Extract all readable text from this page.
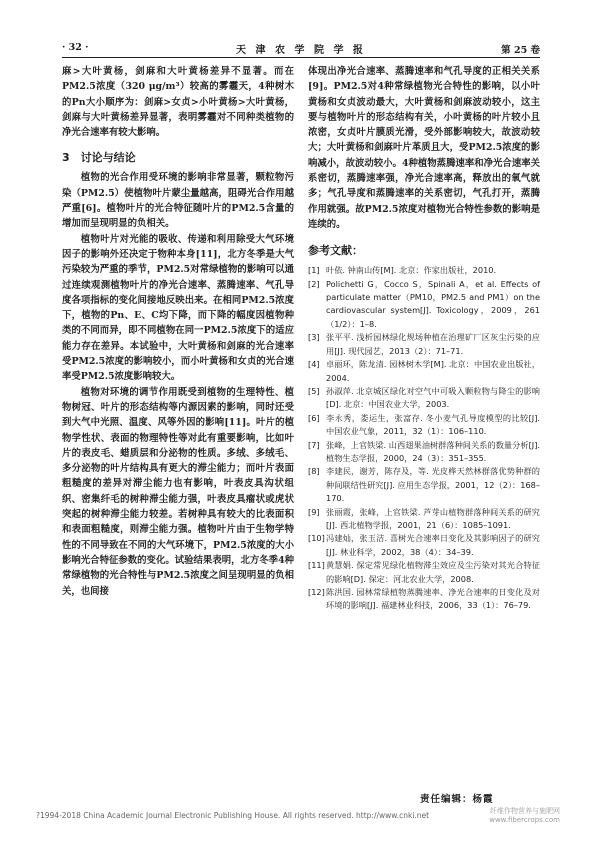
· 32 ·	天 津 农 学 院 学 报	第 25 卷

麻>大叶黄杨，剑麻和大叶黄杨差异不显著。而在PM2.5浓度（320 μg/m³）较高的雾霾天，4种树木的Pn大小顺序为：剑麻>女贞>小叶黄杨>大叶黄杨，剑麻与大叶黄杨差异显著，表明雾霾对不同种类植物的净光合速率有较大影响。

3　讨论与结论

植物的光合作用受环境的影响非常显著，颗粒物污染（PM2.5）使植物叶片蒙尘量越高，阻碍光合作用越严重[6]。植物叶片的光合特征随叶片的PM2.5含量的增加而呈现明显的负相关。

植物叶片对光能的吸收、传递和利用除受大气环境因子的影响外还决定于物种本身[11]，北方冬季是大气污染较为严重的季节，PM2.5对常绿植物的影响可以通过连续观测植物叶片的净光合速率、蒸腾速率、气孔导度各项指标的变化间接地反映出来。在相同PM2.5浓度下，植物的Pn、E、C均下降，而下降的幅度因植物种类的不同而异，即不同植物在同一PM2.5浓度下的适应能力存在差异。本试验中，大叶黄杨和剑麻的光合速率受PM2.5浓度的影响较小，而小叶黄杨和女贞的光合速率受PM2.5浓度影响较大。

植物对环境的调节作用既受到植物的生理特性、植物树冠、叶片的形态结构等内源因素的影响，同时还受到大气中光照、温度、风等外因的影响[11]。叶片的植物学性状、表面的物理特性等对此有重要影响，比如叶片的表皮毛、蜡质层和分泌物的性质。多绒、多绒毛、多分泌物的叶片结构具有更大的滞尘能力；而叶片表面粗糙度的差异对滞尘能力也有影响，叶表皮具沟状组织、密集纤毛的树种滞尘能力强，叶表皮具瘤状或虎状突起的树种滞尘能力较差。若树种具有较大的比表面积和表面粗糙度，则滞尘能力强。植物叶片由于生物学特性的不同导致在不同的大气环境下，PM2.5浓度的大小影响光合特征参数的变化。试验结果表明，北方冬季4种常绿植物的光合特性与PM2.5浓度之间呈现明显的负相关，也间接

体现出净光合速率、蒸腾速率和气孔导度的正相关关系[9]。PM2.5对4种常绿植物光合特性的影响，以小叶黄杨和女贞波动最大，大叶黄杨和剑麻波动较小，这主要与植物叶片的形态结构有关，小叶黄杨的叶片较小且浓密，女贞叶片膜质光滑，受外部影响较大，故波动较大；大叶黄杨和剑麻叶片革质且大，受PM2.5浓度的影响减小，故波动较小。4种植物蒸腾速率和净光合速率关系密切，蒸腾速率强，净光合速率高，释放出的氧气就多；气孔导度和蒸腾速率的关系密切，气孔打开，蒸腾作用就强。故PM2.5浓度对植物光合特性参数的影响是连续的。

参考文献：
[1] 叶依. 钟南山传[M]. 北京：作家出版社，2010.
[2] Polichetti G，Cocco S，Spinali A，et al. Effects of particulate matter（PM10，PM2.5 and PM1）on the cardiovascular system[J]. Toxicology，2009，261（1/2）：1–8.
[3] 张平平. 浅析园林绿化规场种植在治理矿厂区灰尘污染的应用[J]. 现代园艺，2013（2）：71–71.
[4] 卓丽环，陈龙清. 园林树木学[M]. 北京：中国农业出版社，2004.
[5] 孙淑萍. 北京城区绿化对空气中可吸入颗粒物与降尘的影响[D]. 北京：中国农业大学，2003.
[6] 李永秀，娄运生，张富存. 冬小麦气孔导度模型的比较[J]. 中国农业气象，2011，32（1）：106–110.
[7] 张峰，上官铁梁. 山西翅果油树群落种间关系的数量分析[J]. 植物生态学报，2000，24（3）：351–355.
[8] 李建民，谢芳，陈存及，等. 光皮桦天然林群落优势种群的种间联结性研究[J]. 应用生态学报，2001，12（2）：168–170.
[9] 张丽霞，张峰，上官铁梁. 芦芽山植物群落种间关系的研究[J]. 西北植物学报，2001，21（6）：1085–1091.
[10] 冯建灿，张玉洁. 喜树光合速率日变化及其影响因子的研究[J]. 林业科学，2002，38（4）：34–39.
[11] 黄慧娟. 保定常见绿化植物滞尘效应及尘污染对其光合特征的影响[D]. 保定：河北农业大学，2008.
[12] 陈洪国. 园林常绿植物蒸腾速率、净光合速率的日变化及对环境的影响[J]. 福建林业科技，2006，33（1）：76–79.
责任编辑：杨霞
?1994-2018 China Academic Journal Electronic Publishing House. All rights reserved. http://www.cnki.net	纤维作物营养与施肥网
www.fibercrops.com
